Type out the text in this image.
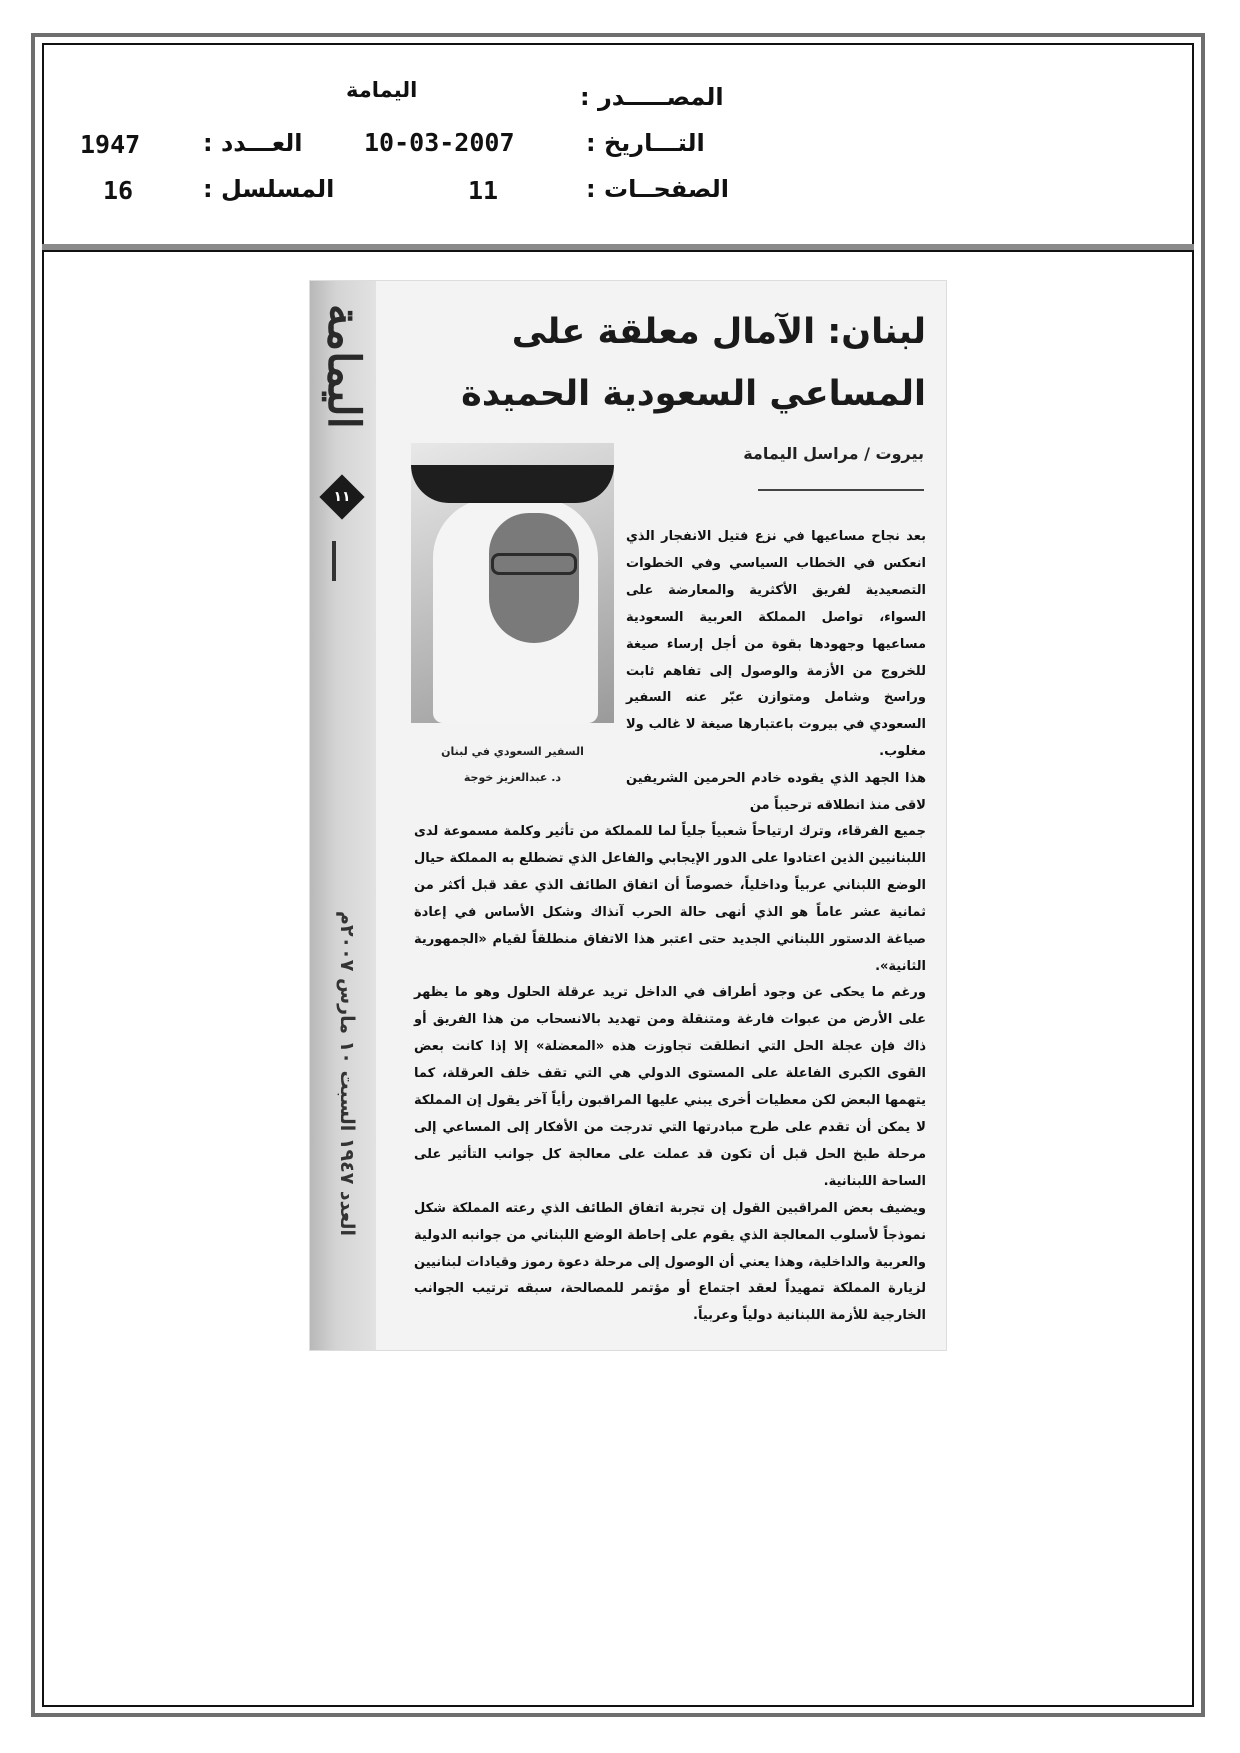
اليمامة	المصـــــدر :
1947	العـــدد : 10-03-2007	التـــاريخ :
16	المسلسل :	11	الصفحــات :
اليمامة
١١
العدد ١٩٤٧ السبت ١٠ مارس ٢٠٠٧م
لبنان: الآمال معلقة على
المساعي السعودية الحميدة
بيروت / مراسل اليمامة
السفير السعودي في لبنان
د. عبدالعزيز خوجة

بعد نجاح مساعيها في نزع فتيل الانفجار الذي انعكس في الخطاب السياسي وفي الخطوات التصعيدية لفريق الأكثرية والمعارضة على السواء، تواصل المملكة العربية السعودية مساعيها وجهودها بقوة من أجل إرساء صيغة للخروج من الأزمة والوصول إلى تفاهم ثابت وراسخ وشامل ومتوازن عبّر عنه السفير السعودي في بيروت باعتبارها صيغة لا غالب ولا مغلوب.

هذا الجهد الذي يقوده خادم الحرمين الشريفين لاقى منذ انطلاقه ترحيباً من

جميع الفرقاء، وترك ارتياحاً شعبياً جلياً لما للمملكة من تأثير وكلمة مسموعة لدى اللبنانيين الذين اعتادوا على الدور الإيجابي والفاعل الذي تضطلع به المملكة حيال الوضع اللبناني عربياً وداخلياً، خصوصاً أن اتفاق الطائف الذي عقد قبل أكثر من ثمانية عشر عاماً هو الذي أنهى حالة الحرب آنذاك وشكل الأساس في إعادة صياغة الدستور اللبناني الجديد حتى اعتبر هذا الاتفاق منطلقاً لقيام «الجمهورية الثانية».

ورغم ما يحكى عن وجود أطراف في الداخل تريد عرقلة الحلول وهو ما يظهر على الأرض من عبوات فارغة ومتنقلة ومن تهديد بالانسحاب من هذا الفريق أو ذاك فإن عجلة الحل التي انطلقت تجاوزت هذه «المعضلة» إلا إذا كانت بعض القوى الكبرى الفاعلة على المستوى الدولي هي التي تقف خلف العرقلة، كما يتهمها البعض لكن معطيات أخرى يبني عليها المراقبون رأياً آخر يقول إن المملكة لا يمكن أن تقدم على طرح مبادرتها التي تدرجت من الأفكار إلى المساعي إلى مرحلة طبخ الحل قبل أن تكون قد عملت على معالجة كل جوانب التأثير على الساحة اللبنانية.

ويضيف بعض المراقبين القول إن تجربة اتفاق الطائف الذي رعته المملكة شكل نموذجاً لأسلوب المعالجة الذي يقوم على إحاطة الوضع اللبناني من جوانبه الدولية والعربية والداخلية، وهذا يعني أن الوصول إلى مرحلة دعوة رموز وقيادات لبنانيين لزيارة المملكة تمهيداً لعقد اجتماع أو مؤتمر للمصالحة، سبقه ترتيب الجوانب الخارجية للأزمة اللبنانية دولياً وعربياً.
